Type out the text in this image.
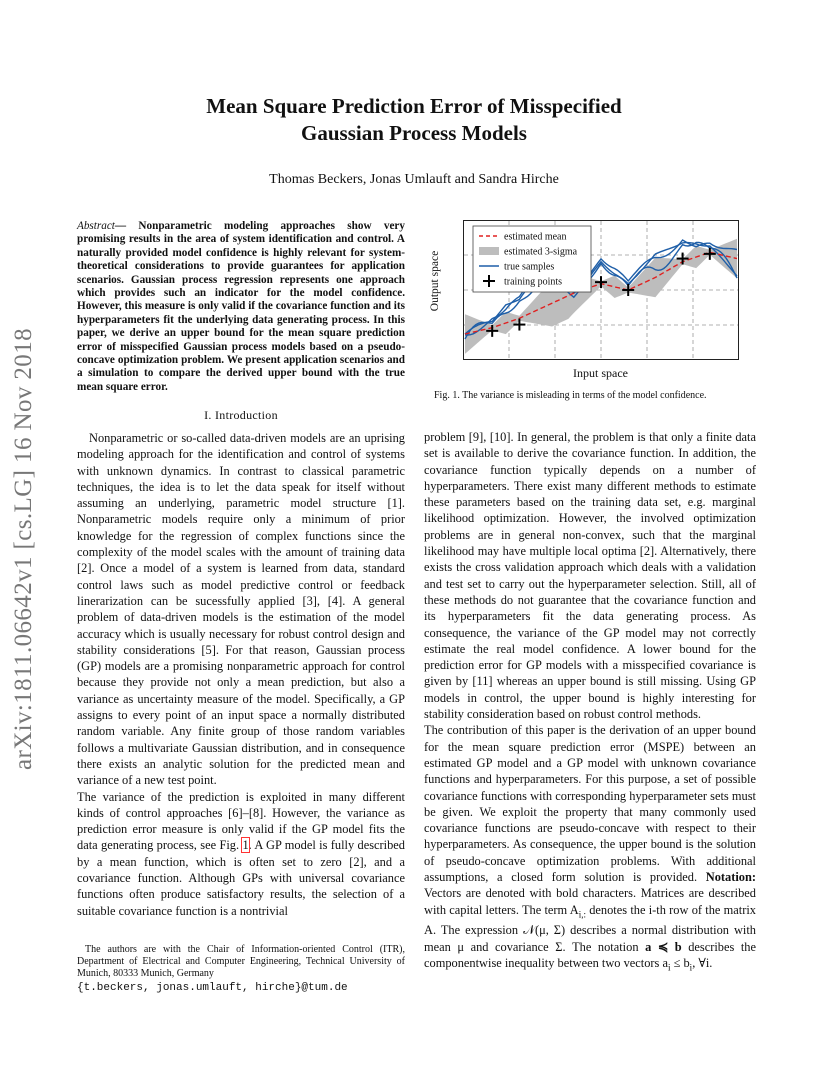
Mean Square Prediction Error of Misspecified
Gaussian Process Models
Thomas Beckers, Jonas Umlauft and Sandra Hirche
arXiv:1811.06642v1 [cs.LG] 16 Nov 2018
Abstract— Nonparametric modeling approaches show very promising results in the area of system identification and control. A naturally provided model confidence is highly relevant for system-theoretical considerations to provide guarantees for application scenarios. Gaussian process regression represents one approach which provides such an indicator for the model confidence. However, this measure is only valid if the covariance function and its hyperparameters fit the underlying data generating process. In this paper, we derive an upper bound for the mean square prediction error of misspecified Gaussian process models based on a pseudo-concave optimization problem. We present application scenarios and a simulation to compare the derived upper bound with the true mean square error.
I. Introduction

Nonparametric or so-called data-driven models are an uprising modeling approach for the identification and control of systems with unknown dynamics. In contrast to classical parametric techniques, the idea is to let the data speak for itself without assuming an underlying, parametric model structure [1]. Nonparametric models require only a minimum of prior knowledge for the regression of complex functions since the complexity of the model scales with the amount of training data [2]. Once a model of a system is learned from data, standard control laws such as model predictive control or feedback linerarization can be sucessfully applied [3], [4]. A general problem of data-driven models is the estimation of the model accuracy which is usually necessary for robust control design and stability considerations [5]. For that reason, Gaussian process (GP) models are a promising nonparametric approach for control because they provide not only a mean prediction, but also a variance as uncertainty measure of the model. Specifically, a GP assigns to every point of an input space a normally distributed random variable. Any finite group of those random variables follows a multivariate Gaussian distribution, and in consequence there exists an analytic solution for the predicted mean and variance of a new test point.

The variance of the prediction is exploited in many different kinds of control approaches [6]–[8]. However, the variance as prediction error measure is only valid if the GP model fits the data generating process, see Fig. 1. A GP model is fully described by a mean function, which is often set to zero [2], and a covariance function. Although GPs with universal covariance functions often produce satisfactory results, the selection of a suitable covariance function is a nontrivial

The authors are with the Chair of Information-oriented Control (ITR), Department of Electrical and Computer Engineering, Technical University of Munich, 80333 Munich, Germany
{t.beckers, jonas.umlauft, hirche}@tum.de
Output space
estimated mean
estimated 3-sigma
true samples
training points
Input space
Fig. 1. The variance is misleading in terms of the model confidence.

problem [9], [10]. In general, the problem is that only a finite data set is available to derive the covariance function. In addition, the covariance function typically depends on a number of hyperparameters. There exist many different methods to estimate these parameters based on the training data set, e.g. marginal likelihood optimization. However, the involved optimization problems are in general non-convex, such that the marginal likelihood may have multiple local optima [2]. Alternatively, there exists the cross validation approach which deals with a validation and test set to carry out the hyperparameter selection. Still, all of these methods do not guarantee that the covariance function and its hyperparameters fit the data generating process. As consequence, the variance of the GP model may not correctly estimate the real model confidence. A lower bound for the prediction error for GP models with a misspecified covariance is given by [11] whereas an upper bound is still missing. Using GP models in control, the upper bound is highly interesting for stability consideration based on robust control methods.

The contribution of this paper is the derivation of an upper bound for the mean square prediction error (MSPE) between an estimated GP model and a GP model with unknown covariance functions and hyperparameters. For this purpose, a set of possible covariance functions with corresponding hyperparameter sets must be given. We exploit the property that many commonly used covariance functions are pseudo-concave with respect to their hyperparameters. As consequence, the upper bound is the solution of pseudo-concave optimization problems. With additional assumptions, a closed form solution is provided. Notation: Vectors are denoted with bold characters. Matrices are described with capital letters. The term $A_{i,:}$ denotes the i-th row of the matrix A. The expression 𝒩(μ, Σ) describes a normal distribution with mean μ and covariance Σ. The notation a ≼ b describes the componentwise inequality between two vectors $a_i \le b_i$, ∀i.
